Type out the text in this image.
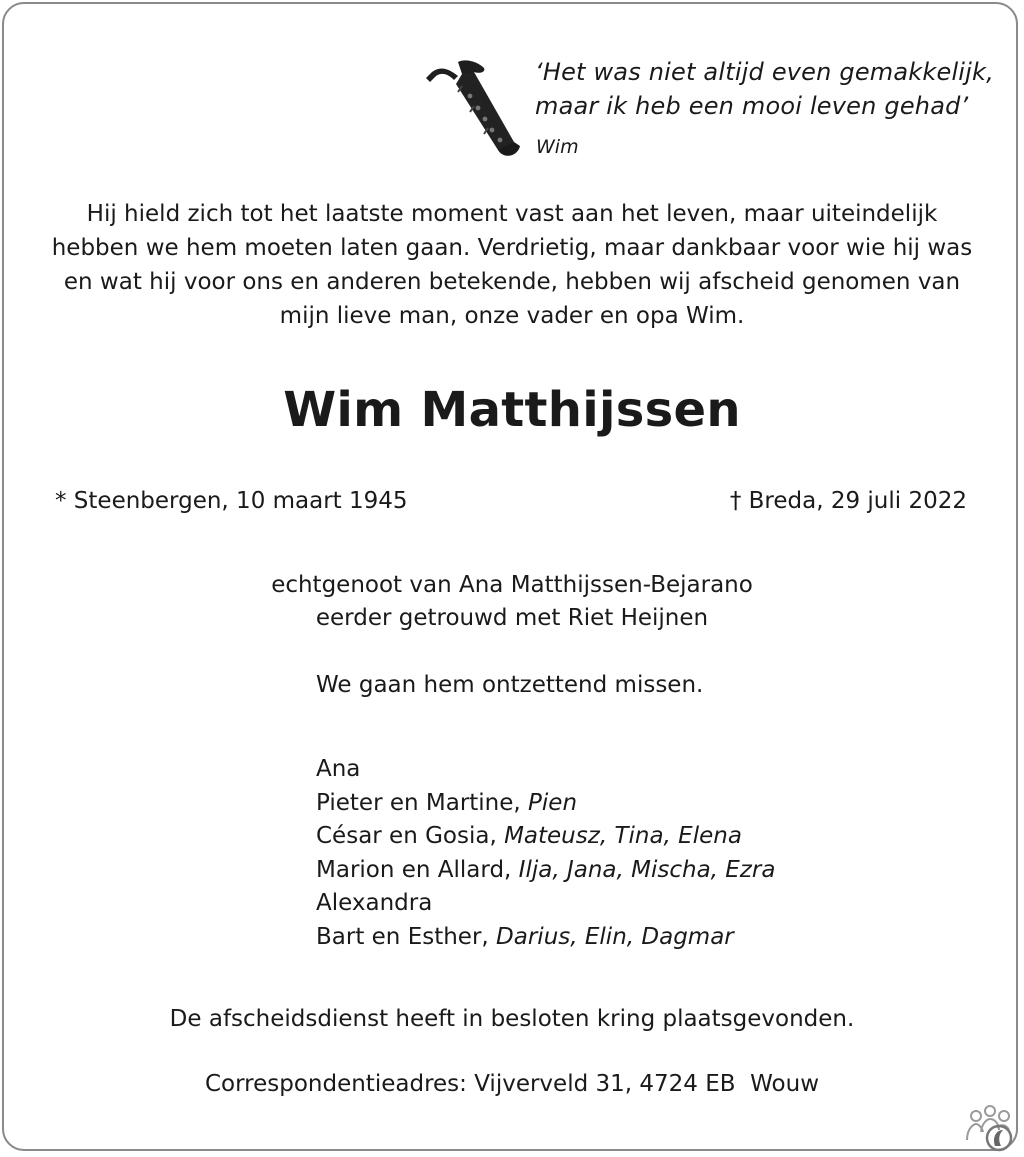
‘Het was niet altijd even gemakkelijk,
maar ik heb een mooi leven gehad’
Wim
Hij hield zich tot het laatste moment vast aan het leven, maar uiteindelijk
hebben we hem moeten laten gaan. Verdrietig, maar dankbaar voor wie hij was
en wat hij voor ons en anderen betekende, hebben wij afscheid genomen van
mijn lieve man, onze vader en opa Wim.
Wim Matthijssen
* Steenbergen, 10 maart 1945	† Breda, 29 juli 2022
echtgenoot van Ana Matthijssen-Bejarano
eerder getrouwd met Riet Heijnen
We gaan hem ontzettend missen.
Ana
Pieter en Martine, Pien
César en Gosia, Mateusz, Tina, Elena
Marion en Allard, Ilja, Jana, Mischa, Ezra
Alexandra
Bart en Esther, Darius, Elin, Dagmar
De afscheidsdienst heeft in besloten kring plaatsgevonden.
Correspondentieadres: Vijverveld 31, 4724 EB  Wouw
